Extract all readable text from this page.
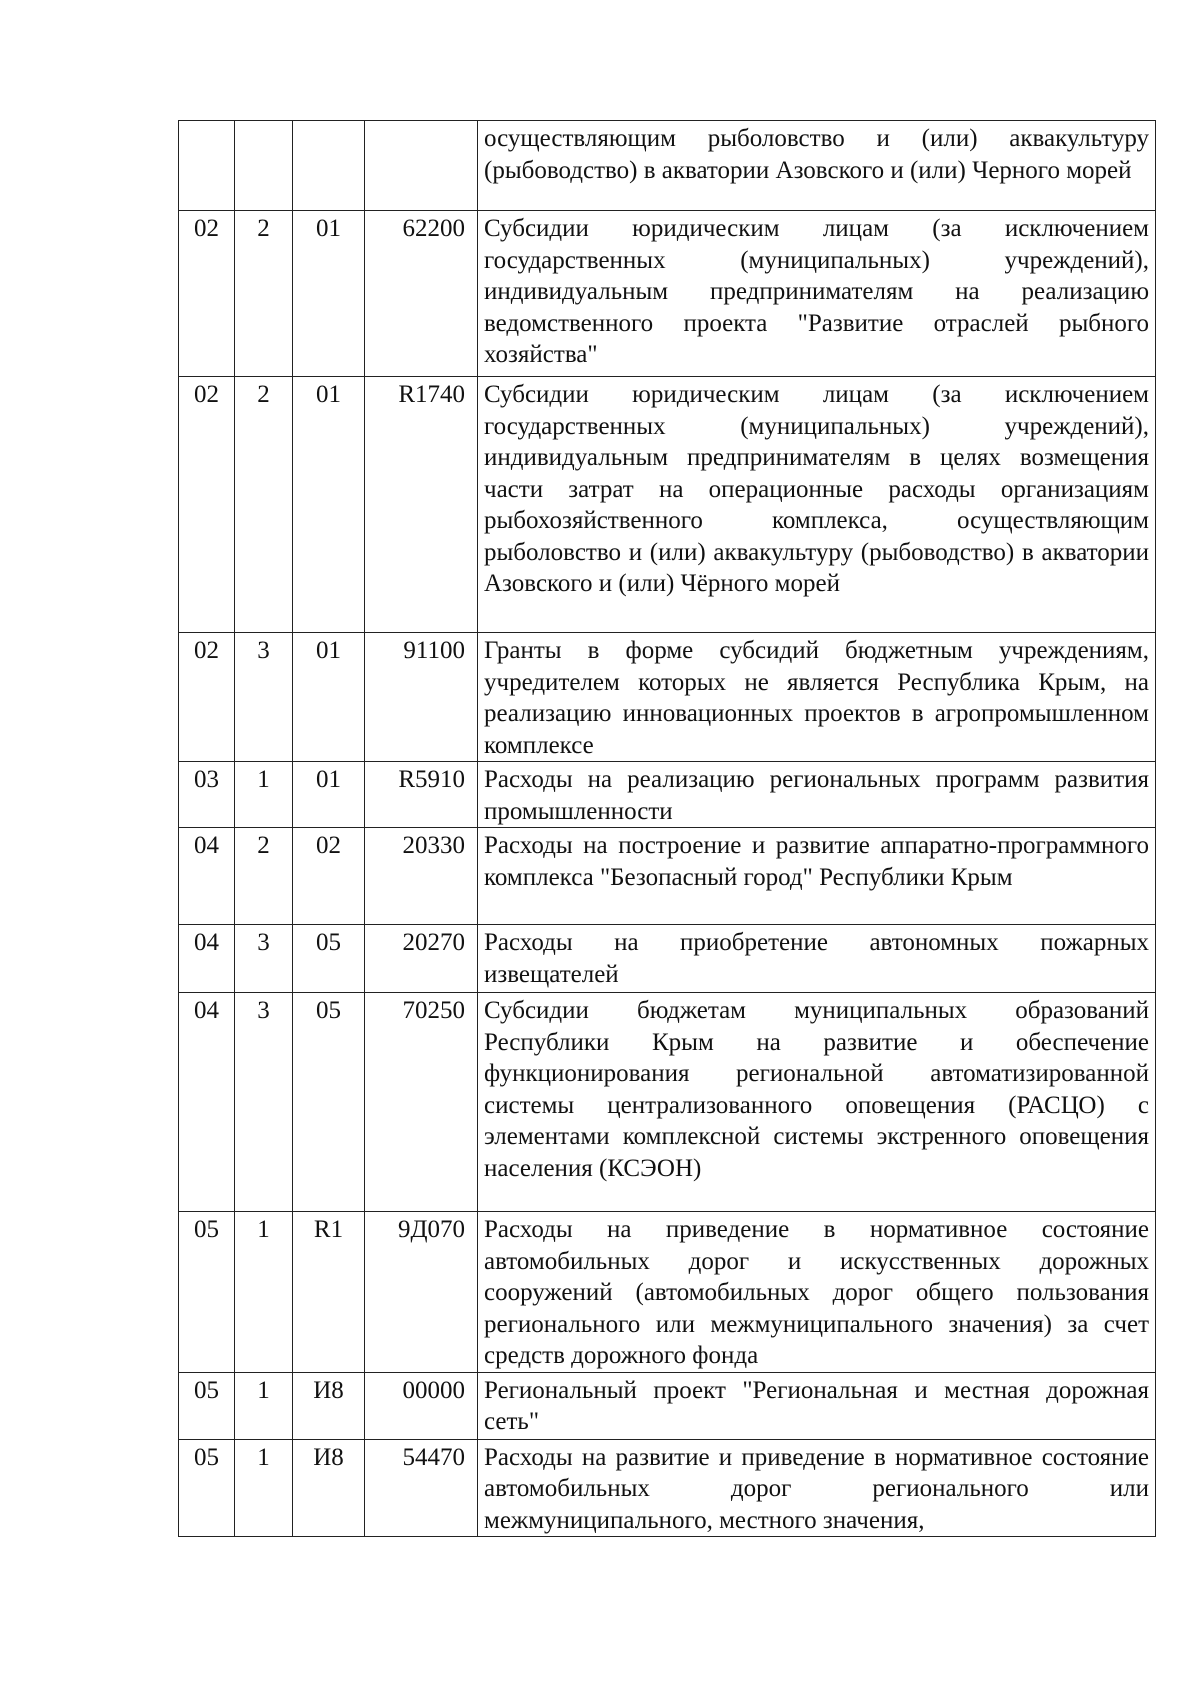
				осуществляющим рыболовство и (или) аквакультуру (рыбоводство) в акватории Азовского и (или) Черного морей
02	2	01	62200	Субсидии юридическим лицам (за исключением государственных (муниципальных) учреждений), индивидуальным предпринимателям на реализацию ведомственного проекта "Развитие отраслей рыбного хозяйства"
02	2	01	R1740	Субсидии юридическим лицам (за исключением государственных (муниципальных) учреждений), индивидуальным предпринимателям в целях возмещения части затрат на операционные расходы организациям рыбохозяйственного комплекса, осуществляющим рыболовство и (или) аквакультуру (рыбоводство) в акватории Азовского и (или) Чёрного морей
02	3	01	91100	Гранты в форме субсидий бюджетным учреждениям, учредителем которых не является Республика Крым, на реализацию инновационных проектов в агропромышленном комплексе
03	1	01	R5910	Расходы на реализацию региональных программ развития промышленности
04	2	02	20330	Расходы на построение и развитие аппаратно-программного комплекса "Безопасный город" Республики Крым
04	3	05	20270	Расходы на приобретение автономных пожарных извещателей
04	3	05	70250	Субсидии бюджетам муниципальных образований Республики Крым на развитие и обеспечение функционирования региональной автоматизированной системы централизованного оповещения (РАСЦО) с элементами комплексной системы экстренного оповещения населения (КСЭОН)
05	1	R1	9Д070	Расходы на приведение в нормативное состояние автомобильных дорог и искусственных дорожных сооружений (автомобильных дорог общего пользования регионального или межмуниципального значения) за счет средств дорожного фонда
05	1	И8	00000	Региональный проект "Региональная и местная дорожная сеть"
05	1	И8	54470	Расходы на развитие и приведение в нормативное состояние автомобильных дорог регионального или межмуниципального, местного значения,
